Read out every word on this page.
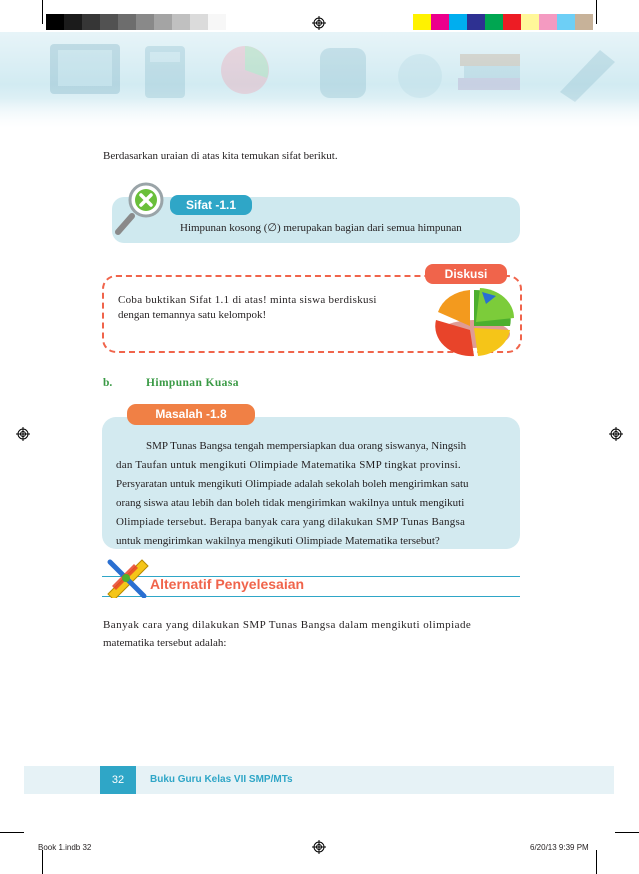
Berdasarkan uraian di atas kita temukan sifat berikut.
Sifat -1.1
Himpunan kosong (∅) merupakan bagian dari semua himpunan
Diskusi
Coba buktikan Sifat 1.1 di atas! minta siswa berdiskusi
dengan temannya satu kelompok!
b.	Himpunan Kuasa
Masalah -1.8
SMP Tunas Bangsa tengah mempersiapkan dua orang siswanya, Ningsih
dan Taufan untuk mengikuti Olimpiade Matematika SMP tingkat provinsi.
Persyaratan untuk mengikuti Olimpiade adalah sekolah boleh mengirimkan satu
orang siswa atau lebih dan boleh tidak mengirimkan wakilnya untuk mengikuti
Olimpiade tersebut. Berapa banyak cara yang dilakukan SMP Tunas Bangsa
untuk mengirimkan wakilnya mengikuti Olimpiade Matematika tersebut?
Alternatif Penyelesaian
Banyak cara yang dilakukan SMP Tunas Bangsa dalam mengikuti olimpiade
matematika tersebut adalah:
32	Buku Guru Kelas VII SMP/MTs
Book 1.indb 32	6/20/13 9:39 PM
